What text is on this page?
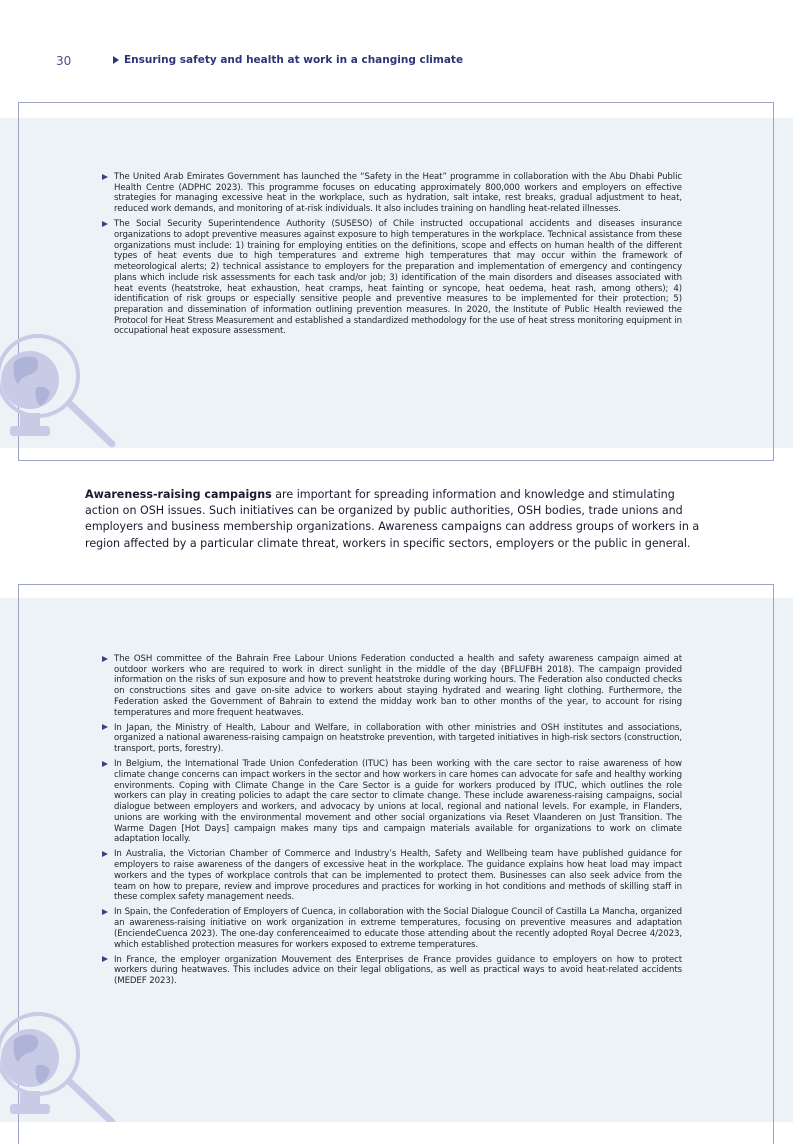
30	Ensuring safety and health at work in a changing climate
The United Arab Emirates Government has launched the “Safety in the Heat” programme in collaboration with the Abu Dhabi Public Health Centre (ADPHC 2023). This programme focuses on educating approximately 800,000 workers and employers on effective strategies for managing excessive heat in the workplace, such as hydration, salt intake, rest breaks, gradual adjustment to heat, reduced work demands, and monitoring of at-risk individuals. It also includes training on handling heat-related illnesses.
The Social Security Superintendence Authority (SUSESO) of Chile instructed occupational accidents and diseases insurance organizations to adopt preventive measures against exposure to high temperatures in the workplace. Technical assistance from these organizations must include: 1) training for employing entities on the definitions, scope and effects on human health of the different types of heat events due to high temperatures and extreme high temperatures that may occur within the framework of meteorological alerts; 2) technical assistance to employers for the preparation and implementation of emergency and contingency plans which include risk assessments for each task and/or job; 3) identification of the main disorders and diseases associated with heat events (heatstroke, heat exhaustion, heat cramps, heat fainting or syncope, heat oedema, heat rash, among others); 4) identification of risk groups or especially sensitive people and preventive measures to be implemented for their protection; 5) preparation and dissemination of information outlining prevention measures. In 2020, the Institute of Public Health reviewed the Protocol for Heat Stress Measurement and established a standardized methodology for the use of heat stress monitoring equipment in occupational heat exposure assessment.

Awareness-raising campaigns are important for spreading information and knowledge and stimulating action on OSH issues. Such initiatives can be organized by public authorities, OSH bodies, trade unions and employers and business membership organizations. Awareness campaigns can address groups of workers in a region affected by a particular climate threat, workers in specific sectors, employers or the public in general.

The OSH committee of the Bahrain Free Labour Unions Federation conducted a health and safety awareness campaign aimed at outdoor workers who are required to work in direct sunlight in the middle of the day (BFLUFBH 2018). The campaign provided information on the risks of sun exposure and how to prevent heatstroke during working hours. The Federation also conducted checks on constructions sites and gave on-site advice to workers about staying hydrated and wearing light clothing. Furthermore, the Federation asked the Government of Bahrain to extend the midday work ban to other months of the year, to account for rising temperatures and more frequent heatwaves.
In Japan, the Ministry of Health, Labour and Welfare, in collaboration with other ministries and OSH institutes and associations, organized a national awareness-raising campaign on heatstroke prevention, with targeted initiatives in high-risk sectors (construction, transport, ports, forestry).
In Belgium, the International Trade Union Confederation (ITUC) has been working with the care sector to raise awareness of how climate change concerns can impact workers in the sector and how workers in care homes can advocate for safe and healthy working environments. Coping with Climate Change in the Care Sector is a guide for workers produced by ITUC, which outlines the role workers can play in creating policies to adapt the care sector to climate change. These include awareness-raising campaigns, social dialogue between employers and workers, and advocacy by unions at local, regional and national levels. For example, in Flanders, unions are working with the environmental movement and other social organizations via Reset Vlaanderen on Just Transition. The Warme Dagen [Hot Days] campaign makes many tips and campaign materials available for organizations to work on climate adaptation locally.
In Australia, the Victorian Chamber of Commerce and Industry’s Health, Safety and Wellbeing team have published guidance for employers to raise awareness of the dangers of excessive heat in the workplace. The guidance explains how heat load may impact workers and the types of workplace controls that can be implemented to protect them. Businesses can also seek advice from the team on how to prepare, review and improve procedures and practices for working in hot conditions and methods of skilling staff in these complex safety management needs.
In Spain, the Confederation of Employers of Cuenca, in collaboration with the Social Dialogue Council of Castilla La Mancha, organized an awareness-raising initiative on work organization in extreme temperatures, focusing on preventive measures and adaptation (EnciendeCuenca 2023). The one-day conferenceaimed to educate those attending about the recently adopted Royal Decree 4/2023, which established protection measures for workers exposed to extreme temperatures.
In France, the employer organization Mouvement des Enterprises de France provides guidance to employers on how to protect workers during heatwaves. This includes advice on their legal obligations, as well as practical ways to avoid heat-related accidents (MEDEF 2023).
